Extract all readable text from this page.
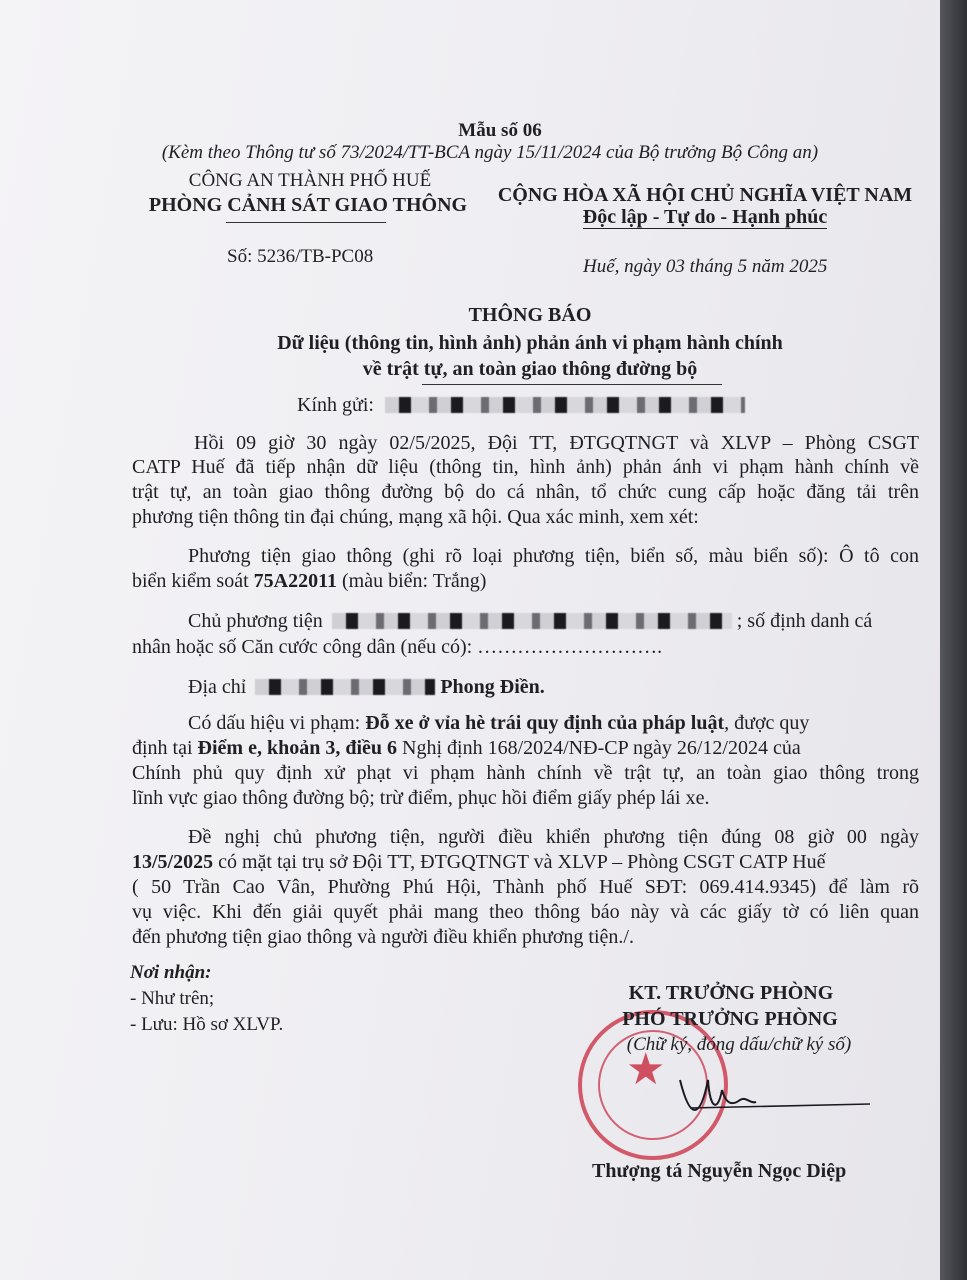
Mẫu số 06
(Kèm theo Thông tư số 73/2024/TT-BCA ngày 15/11/2024 của Bộ trưởng Bộ Công an)
CÔNG AN THÀNH PHỐ HUẾ
PHÒNG CẢNH SÁT GIAO THÔNG	CỘNG HÒA XÃ HỘI CHỦ NGHĨA VIỆT NAM
Độc lập - Tự do - Hạnh phúc
Số: 5236/TB-PC08	Huế, ngày 03 tháng 5 năm 2025
THÔNG BÁO
Dữ liệu (thông tin, hình ảnh) phản ánh vi phạm hành chính
về trật tự, an toàn giao thông đường bộ
Kính gửi:
Hồi 09 giờ 30 ngày 02/5/2025, Đội TT, ĐTGQTNGT và XLVP – Phòng CSGT
CATP Huế đã tiếp nhận dữ liệu (thông tin, hình ảnh) phản ánh vi phạm hành chính về
trật tự, an toàn giao thông đường bộ do cá nhân, tổ chức cung cấp hoặc đăng tải trên
phương tiện thông tin đại chúng, mạng xã hội. Qua xác minh, xem xét:
Phương tiện giao thông (ghi rõ loại phương tiện, biển số, màu biển số): Ô tô con
biển kiểm soát 75A22011 (màu biển: Trắng)
Chủ phương tiện	; số định danh cá
nhân hoặc số Căn cước công dân (nếu có): ……………………….
Địa chỉ	Phong Điền.
Có dấu hiệu vi phạm: Đỗ xe ở vỉa hè trái quy định của pháp luật, được quy
định tại Điểm e, khoản 3, điều 6 Nghị định 168/2024/NĐ-CP ngày 26/12/2024 của
Chính phủ quy định xử phạt vi phạm hành chính về trật tự, an toàn giao thông trong
lĩnh vực giao thông đường bộ; trừ điểm, phục hồi điểm giấy phép lái xe.
Đề nghị chủ phương tiện, người điều khiển phương tiện đúng 08 giờ 00 ngày
13/5/2025 có mặt tại trụ sở Đội TT, ĐTGQTNGT và XLVP – Phòng CSGT CATP Huế
( 50 Trần Cao Vân, Phường Phú Hội, Thành phố Huế SĐT: 069.414.9345) để làm rõ
vụ việc. Khi đến giải quyết phải mang theo thông báo này và các giấy tờ có liên quan
đến phương tiện giao thông và người điều khiển phương tiện./.
Nơi nhận:
- Như trên;
- Lưu: Hồ sơ XLVP.
★
KT. TRƯỞNG PHÒNG
PHÓ TRƯỞNG PHÒNG
(Chữ ký, đóng dấu/chữ ký số)
Thượng tá Nguyễn Ngọc Diệp
